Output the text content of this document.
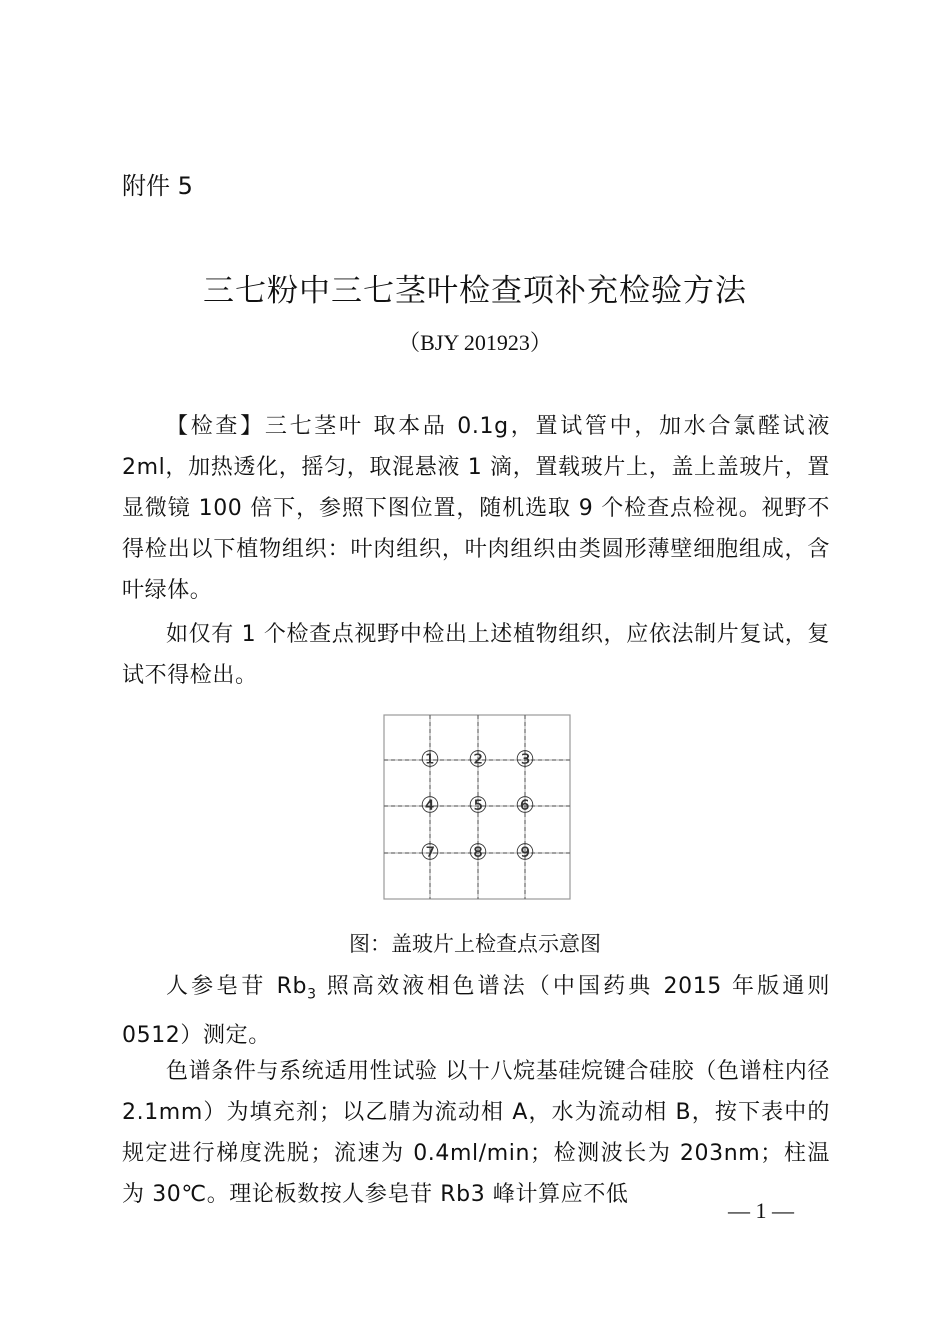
附件 5
三七粉中三七茎叶检查项补充检验方法
（BJY 201923）

【检查】三七茎叶 取本品 0.1g，置试管中，加水合氯醛试液 2ml，加热透化，摇匀，取混悬液 1 滴，置载玻片上，盖上盖玻片，置显微镜 100 倍下，参照下图位置，随机选取 9 个检查点检视。视野不得检出以下植物组织：叶肉组织，叶肉组织由类圆形薄壁细胞组成，含叶绿体。

如仅有 1 个检查点视野中检出上述植物组织，应依法制片复试，复试不得检出。

① ② ③
④ ⑤ ⑥
⑦ ⑧ ⑨
图：盖玻片上检查点示意图

人参皂苷 $Rb_3$ 照高效液相色谱法（中国药典 2015 年版通则 0512）测定。

色谱条件与系统适用性试验 以十八烷基硅烷键合硅胶（色谱柱内径 2.1mm）为填充剂；以乙腈为流动相 A，水为流动相 B，按下表中的规定进行梯度洗脱；流速为 0.4ml/min；检测波长为 203nm；柱温为 30℃。理论板数按人参皂苷 Rb3 峰计算应不低

— 1 —
